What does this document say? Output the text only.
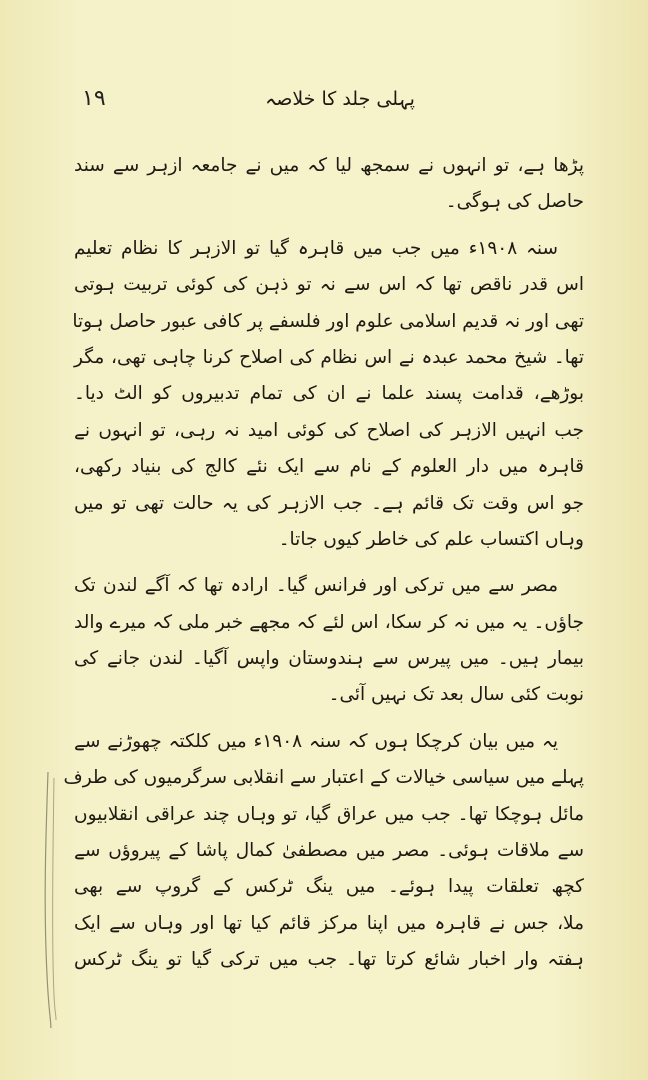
۱۹	پہلی جلد کا خلاصہ
پڑھا ہے، تو انہوں نے سمجھ لیا کہ میں نے جامعہ ازہر سے سند
حاصل کی ہوگی۔
سنہ ۱۹۰۸ء میں جب میں قاہرہ گیا تو الازہر کا نظام تعلیم
اس قدر ناقص تھا کہ اس سے نہ تو ذہن کی کوئی تربیت ہوتی
تھی اور نہ قدیم اسلامی علوم اور فلسفے پر کافی عبور حاصل ہوتا
تھا۔ شیخ محمد عبدہ نے اس نظام کی اصلاح کرنا چاہی تھی، مگر
بوڑھے، قدامت پسند علما نے ان کی تمام تدبیروں کو الٹ دیا۔
جب انہیں الازہر کی اصلاح کی کوئی امید نہ رہی، تو انہوں نے
قاہرہ میں دار العلوم کے نام سے ایک نئے کالج کی بنیاد رکھی،
جو اس وقت تک قائم ہے۔ جب الازہر کی یہ حالت تھی تو میں
وہاں اکتساب علم کی خاطر کیوں جاتا۔
مصر سے میں ترکی اور فرانس گیا۔ ارادہ تھا کہ آگے لندن تک
جاؤں۔ یہ میں نہ کر سکا، اس لئے کہ مجھے خبر ملی کہ میرے والد
بیمار ہیں۔ میں پیرس سے ہندوستان واپس آگیا۔ لندن جانے کی
نوبت کئی سال بعد تک نہیں آئی۔
یہ میں بیان کرچکا ہوں کہ سنہ ۱۹۰۸ء میں کلکتہ چھوڑنے سے
پہلے میں سیاسی خیالات کے اعتبار سے انقلابی سرگرمیوں کی طرف
مائل ہوچکا تھا۔ جب میں عراق گیا، تو وہاں چند عراقی انقلابیوں
سے ملاقات ہوئی۔ مصر میں مصطفیٰ کمال پاشا کے پیروؤں سے
کچھ تعلقات پیدا ہوئے۔ میں ینگ ٹرکس کے گروپ سے بھی
ملا، جس نے قاہرہ میں اپنا مرکز قائم کیا تھا اور وہاں سے ایک
ہفتہ وار اخبار شائع کرتا تھا۔ جب میں ترکی گیا تو ینگ ٹرکس
